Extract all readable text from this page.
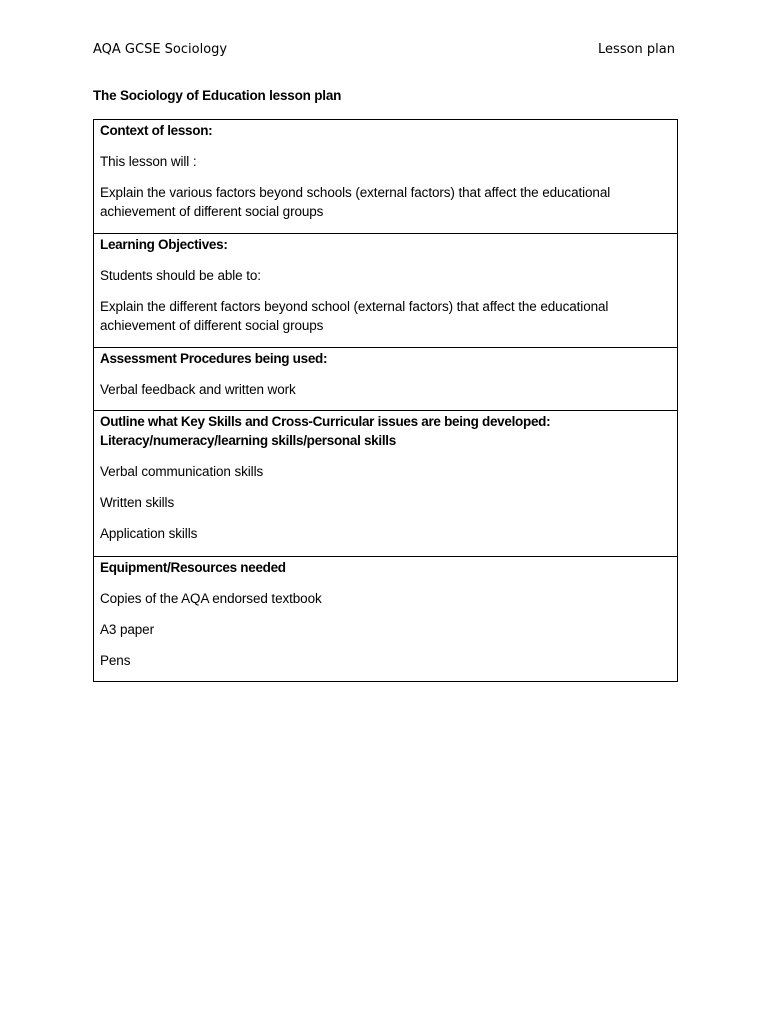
AQA GCSE Sociology	Lesson plan
The Sociology of Education lesson plan

Context of lesson:

This lesson will :

Explain the various factors beyond schools (external factors) that affect the educational achievement of different social groups

Learning Objectives:

Students should be able to:

Explain the different factors beyond school (external factors) that affect the educational achievement of different social groups

Assessment Procedures being used:

Verbal feedback and written work

Outline what Key Skills and Cross-Curricular issues are being developed: Literacy/numeracy/learning skills/personal skills

Verbal communication skills

Written skills

Application skills

Equipment/Resources needed

Copies of the AQA endorsed textbook

A3 paper

Pens
